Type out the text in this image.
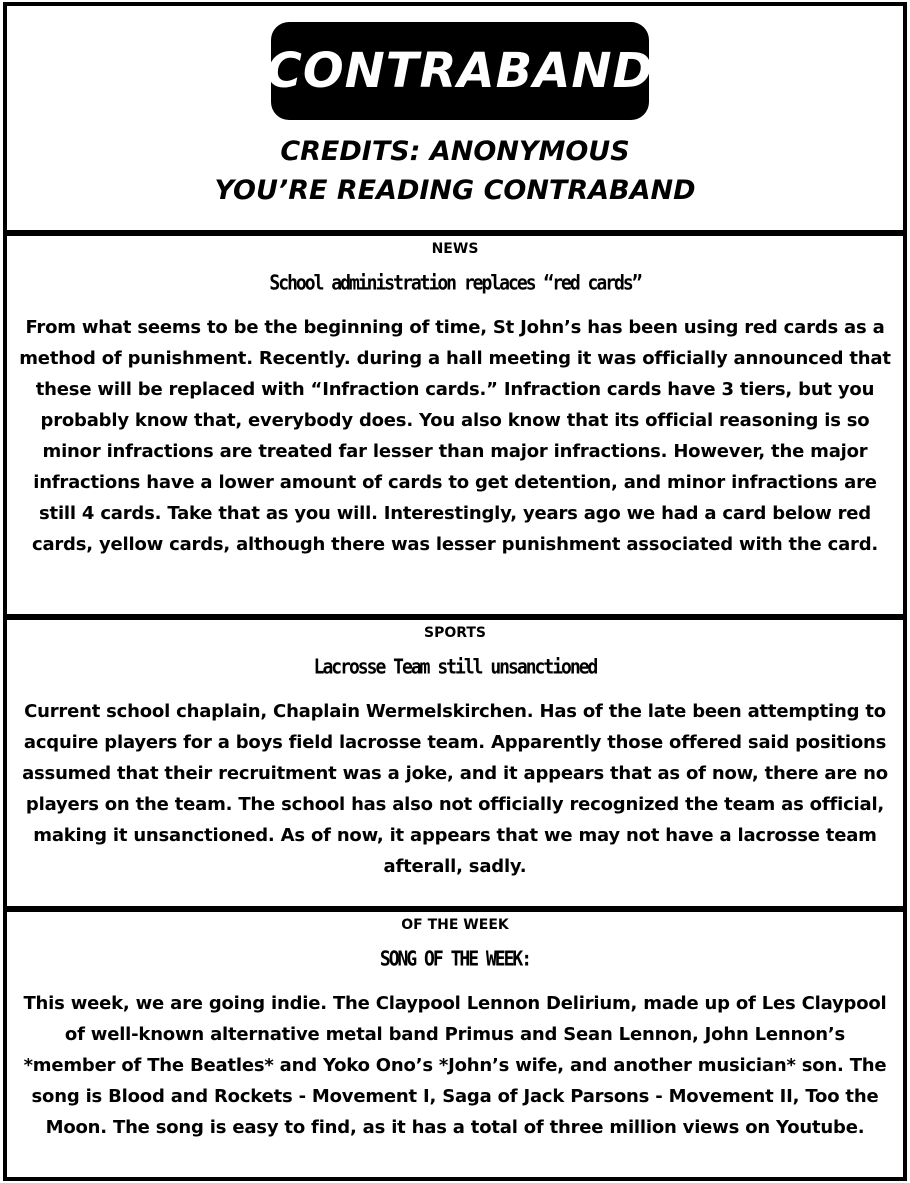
CONTRABAND
CREDITS: ANONYMOUS
YOU’RE READING CONTRABAND
NEWS
School administration replaces “red cards”
From what seems to be the beginning of time, St John’s has been using red cards as a method of punishment. Recently. during a hall meeting it was officially announced that these will be replaced with “Infraction cards.” Infraction cards have 3 tiers, but you probably know that, everybody does. You also know that its official reasoning is so minor infractions are treated far lesser than major infractions. However, the major infractions have a lower amount of cards to get detention, and minor infractions are still 4 cards. Take that as you will. Interestingly, years ago we had a card below red cards, yellow cards, although there was lesser punishment associated with the card.
SPORTS
Lacrosse Team still unsanctioned
Current school chaplain, Chaplain Wermelskirchen. Has of the late been attempting to acquire players for a boys field lacrosse team. Apparently those offered said positions assumed that their recruitment was a joke, and it appears that as of now, there are no players on the team. The school has also not officially recognized the team as official, making it unsanctioned. As of now, it appears that we may not have a lacrosse team afterall, sadly.
OF THE WEEK
SONG OF THE WEEK:
This week, we are going indie. The Claypool Lennon Delirium, made up of Les Claypool of well-known alternative metal band Primus and Sean Lennon, John Lennon’s *member of The Beatles* and Yoko Ono’s *John’s wife, and another musician* son. The song is Blood and Rockets - Movement I, Saga of Jack Parsons - Movement II, Too the Moon. The song is easy to find, as it has a total of three million views on Youtube.
